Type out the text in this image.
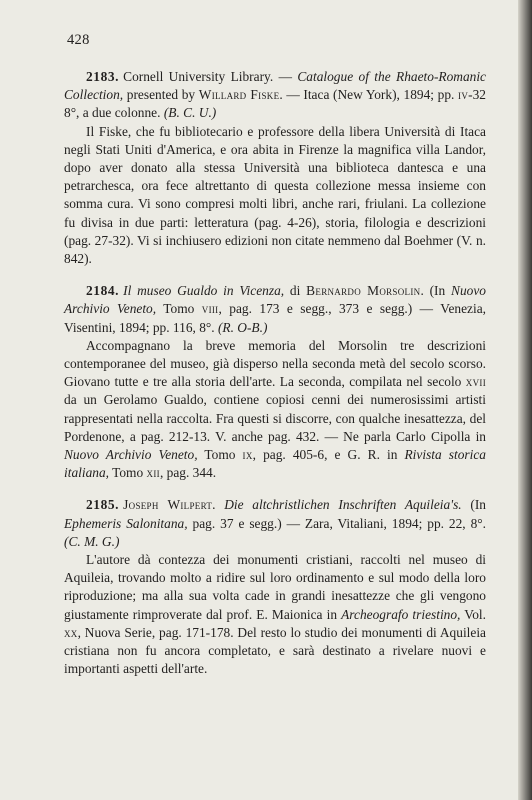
428

2183. Cornell University Library. — Catalogue of the Rhaeto-Romanic Collection, presented by Willard Fiske. — Itaca (New York), 1894; pp. iv-32 8°, a due colonne. (B. C. U.)

Il Fiske, che fu bibliotecario e professore della libera Università di Itaca negli Stati Uniti d'America, e ora abita in Firenze la magnifica villa Landor, dopo aver donato alla stessa Università una biblioteca dantesca e una petrarchesca, ora fece altrettanto di questa collezione messa insieme con somma cura. Vi sono compresi molti libri, anche rari, friulani. La collezione fu divisa in due parti: letteratura (pag. 4-26), storia, filologia e descrizioni (pag. 27-32). Vi si inchiusero edizioni non citate nemmeno dal Boehmer (V. n. 842).

2184. Il museo Gualdo in Vicenza, di Bernardo Morsolin. (In Nuovo Archivio Veneto, Tomo viii, pag. 173 e segg., 373 e segg.) — Venezia, Visentini, 1894; pp. 116, 8°. (R. O-B.)

Accompagnano la breve memoria del Morsolin tre descrizioni contemporanee del museo, già disperso nella seconda metà del secolo scorso. Giovano tutte e tre alla storia dell'arte. La seconda, compilata nel secolo xvii da un Gerolamo Gualdo, contiene copiosi cenni dei numerosissimi artisti rappresentati nella raccolta. Fra questi si discorre, con qualche inesattezza, del Pordenone, a pag. 212-13. V. anche pag. 432. — Ne parla Carlo Cipolla in Nuovo Archivio Veneto, Tomo ix, pag. 405-6, e G. R. in Rivista storica italiana, Tomo xii, pag. 344.

2185. Joseph Wilpert. Die altchristlichen Inschriften Aquileia's. (In Ephemeris Salonitana, pag. 37 e segg.) — Zara, Vitaliani, 1894; pp. 22, 8°. (C. M. G.)

L'autore dà contezza dei monumenti cristiani, raccolti nel museo di Aquileia, trovando molto a ridire sul loro ordinamento e sul modo della loro riproduzione; ma alla sua volta cade in grandi inesattezze che gli vengono giustamente rimproverate dal prof. E. Maionica in Archeografo triestino, Vol. xx, Nuova Serie, pag. 171-178. Del resto lo studio dei monumenti di Aquileia cristiana non fu ancora completato, e sarà destinato a rivelare nuovi e importanti aspetti dell'arte.
